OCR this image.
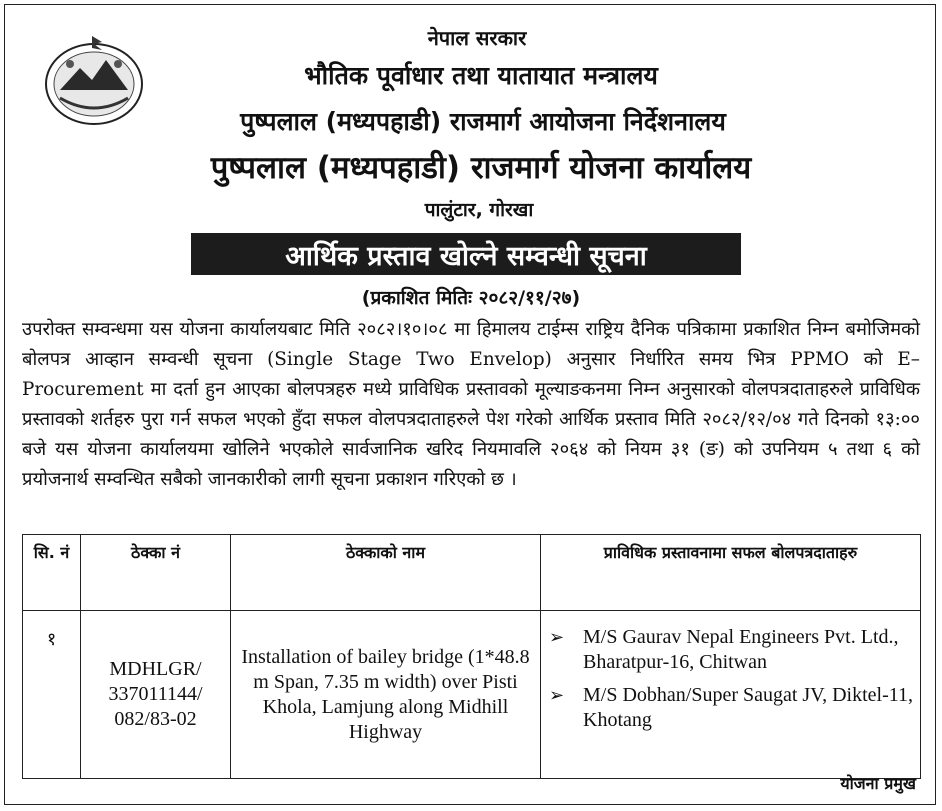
नेपाल सरकार
भौतिक पूर्वाधार तथा यातायात मन्त्रालय
पुष्पलाल (मध्यपहाडी) राजमार्ग आयोजना निर्देशनालय
पुष्पलाल (मध्यपहाडी) राजमार्ग योजना कार्यालय
पालुंटार, गोरखा
आर्थिक प्रस्ताव खोल्ने सम्वन्धी सूचना
(प्रकाशित मितिः २०८२/११/२७)
उपरोक्त सम्वन्धमा यस योजना कार्यालयबाट मिति २०८२।१०।०८ मा हिमालय टाईम्स राष्ट्रिय दैनिक पत्रिकामा प्रकाशित निम्न बमोजिमको बोलपत्र आव्हान सम्वन्धी सूचना (Single Stage Two Envelop) अनुसार निर्धारित समय भित्र PPMO को E– Procurement मा दर्ता हुन आएका बोलपत्रहरु मध्ये प्राविधिक प्रस्तावको मूल्याङकनमा निम्न अनुसारको वोलपत्रदाताहरुले प्राविधिक प्रस्तावको शर्तहरु पुरा गर्न सफल भएको हुँदा सफल वोलपत्रदाताहरुले पेश गरेको आर्थिक प्रस्ताव मिति २०८२/१२/०४ गते दिनको १३:०० बजे यस योजना कार्यालयमा खोलिने भएकोले सार्वजानिक खरिद नियमावलि २०६४ को नियम ३१ (ङ) को उपनियम ५ तथा ६ को प्रयोजनार्थ सम्वन्धित सबैको जानकारीको लागी सूचना प्रकाशन गरिएको छ ।
सि. नं	ठेक्का नं	ठेक्काको नाम	प्राविधिक प्रस्तावनामा सफल बोलपत्रदाताहरु
१	MDHLGR/ 337011144/ 082/83-02	Installation of bailey bridge (1*48.8 m Span, 7.35 m width) over Pisti Khola, Lamjung along Midhill Highway	➢ M/S Gaurav Nepal Engineers Pvt. Ltd., Bharatpur-16, Chitwan
➢ M/S Dobhan/Super Saugat JV, Diktel-11, Khotang
योजना प्रमुख
